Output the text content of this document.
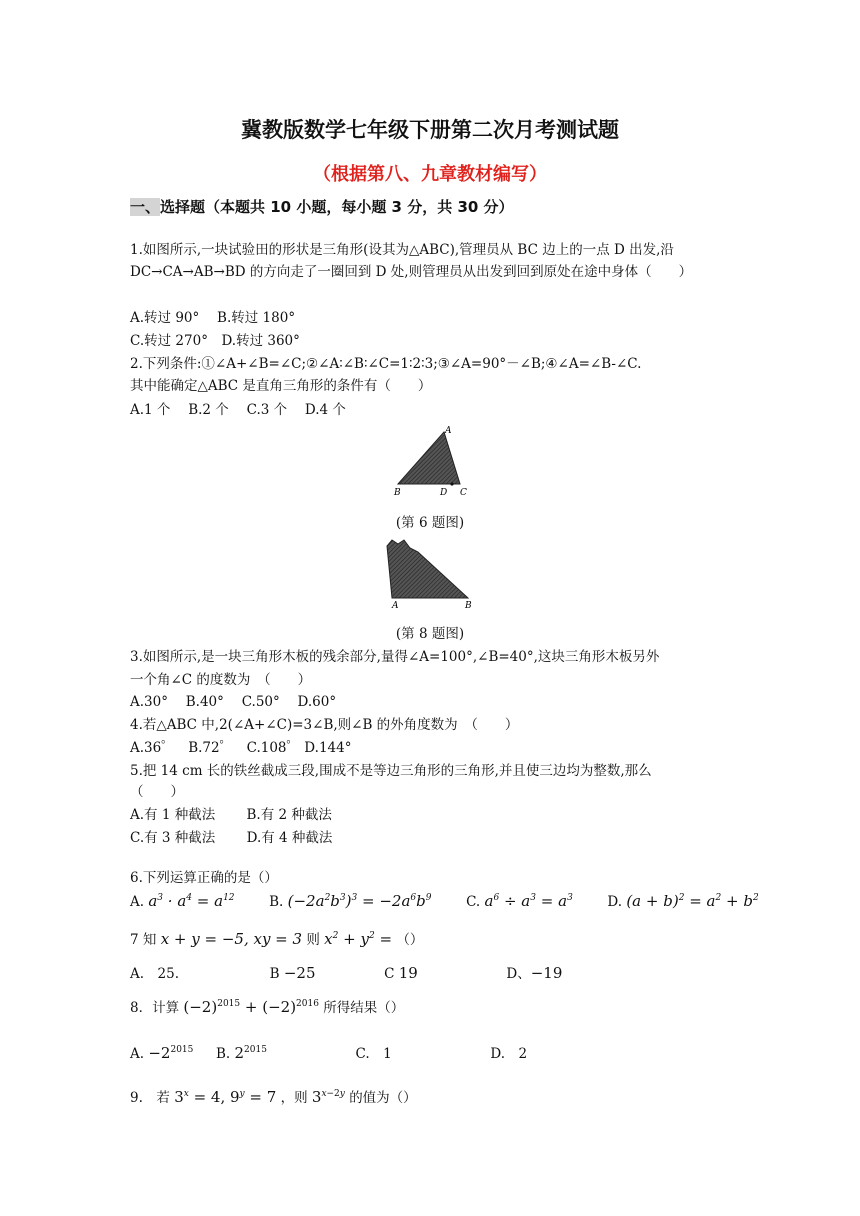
冀教版数学七年级下册第二次月考测试题
（根据第八、九章教材编写）
一、选择题（本题共 10 小题，每小题 3 分，共 30 分）
1.如图所示,一块试验田的形状是三角形(设其为△ABC),管理员从 BC 边上的一点 D 出发,沿
DC→CA→AB→BD 的方向走了一圈回到 D 处,则管理员从出发到回到原处在途中身体（　　）
A.转过 90°　 B.转过 180°
C.转过 270°　D.转过 360°
2.下列条件:①∠A+∠B=∠C;②∠A∶∠B∶∠C=1∶2∶3;③∠A=90°－∠B;④∠A=∠B-∠C.
其中能确定△ABC 是直角三角形的条件有（　　）
A.1 个　 B.2 个　 C.3 个　 D.4 个
A
B	D C
(第 6 题图)
A	B
(第 8 题图)
3.如图所示,是一块三角形木板的残余部分,量得∠A=100°,∠B=40°,这块三角形木板另外
一个角∠C 的度数为　（　　）
A.30°　 B.40°　 C.50°　 D.60°
4.若△ABC 中,2(∠A+∠C)=3∠B,则∠B 的外角度数为　（　　）
A.36゜　B.72゜　C.108゜ D.144°
5.把 14 cm 长的铁丝截成三段,围成不是等边三角形的三角形,并且使三边均为整数,那么
（　　）
A.有 1 种截法　　 B.有 2 种截法
C.有 3 种截法　　 D.有 4 种截法
6.下列运算正确的是（）
A. $a^3 \cdot a^4 = a^{12}$	B. $(-2a^2b^3)^3 = -2a^6b^9$	C. $a^6 \div a^3 = a^3$	D. $(a + b)^2 = a^2 + b^2$
7 知 x + y = −5, xy = 3 则 $x^2 + y^2$ = （）
A.　25.	B −25	C 19	D、−19
8．计算 $(-2)^{2015} + (-2)^{2016}$ 所得结果（）
A. $-2^{2015}$ B. $2^{2015}$	C.　1	D.　2
9.　若 $3^x = 4$, $9^y = 7$ ，则 $3^{x-2y}$ 的值为（）
